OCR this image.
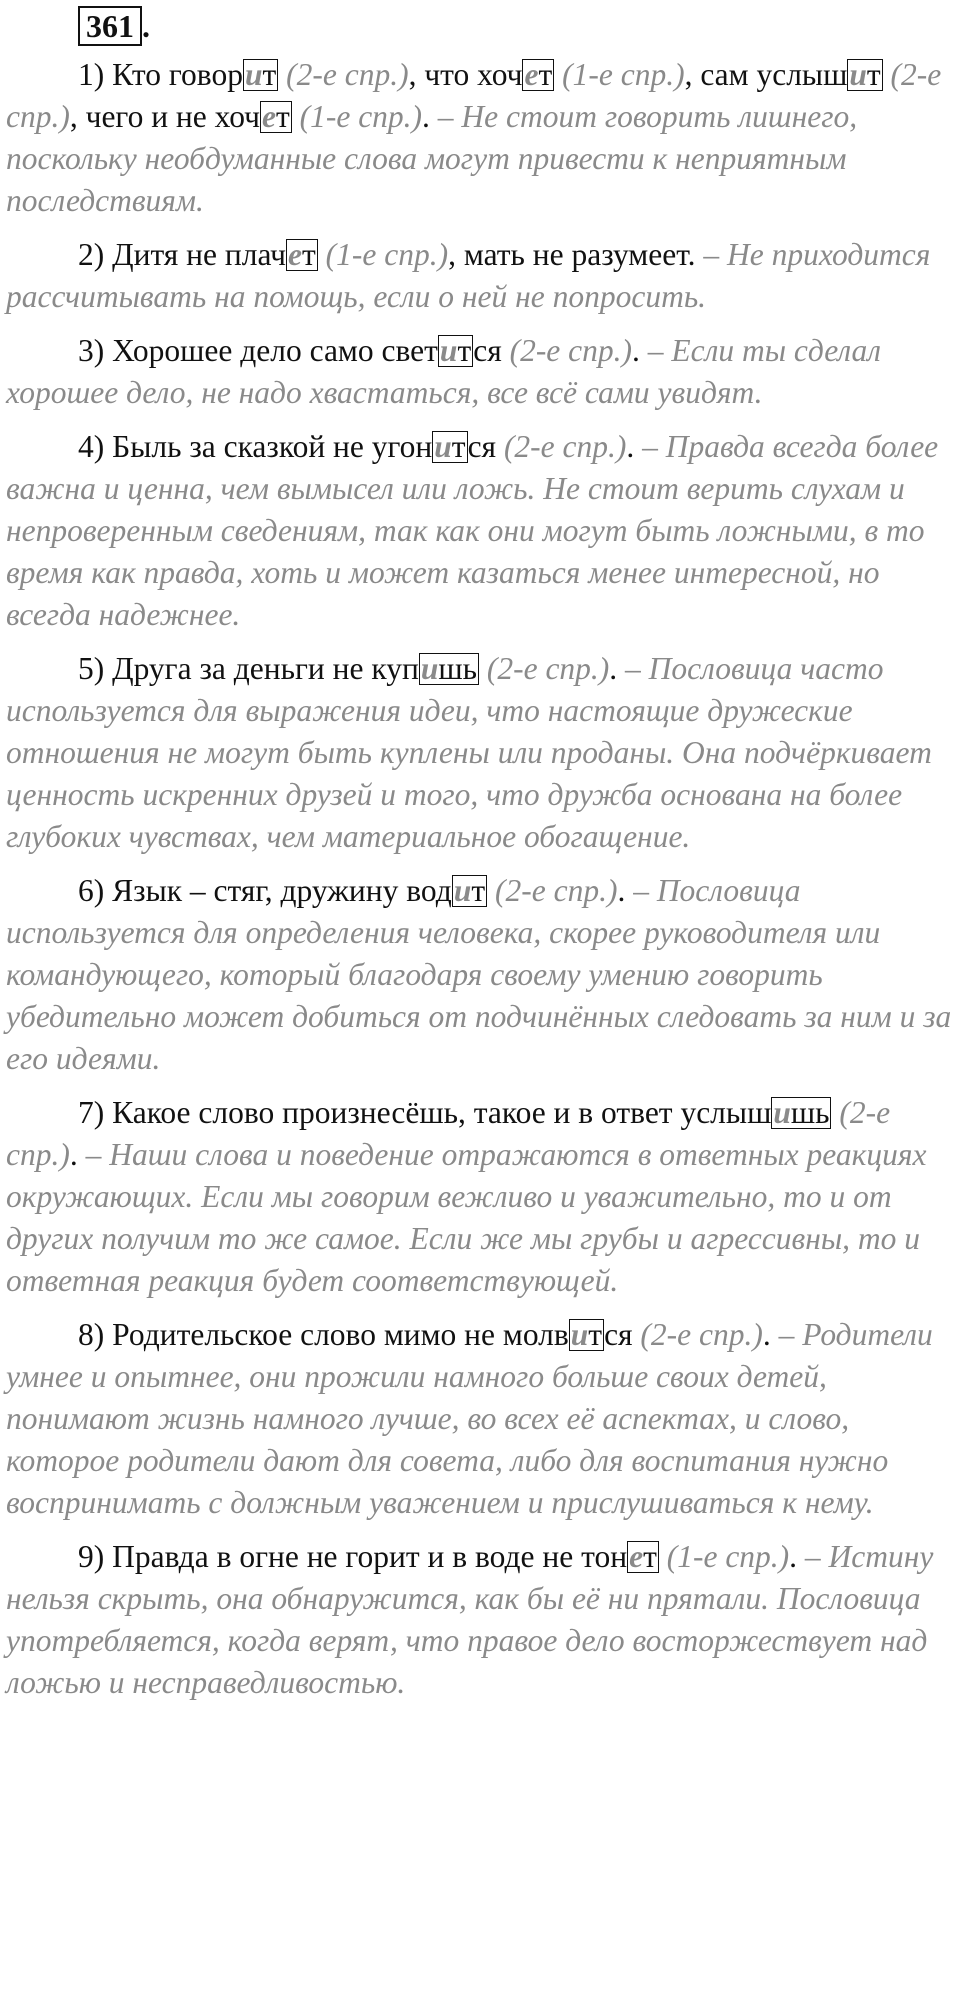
361 .

1) Кто говорит (2-е спр.), что хочет (1-е спр.), сам услышит (2-е спр.), чего и не хочет (1-е спр.). – Не стоит говорить лишнего, поскольку необдуманные слова могут привести к неприятным последствиям.

2) Дитя не плачет (1-е спр.), мать не разумеет. – Не приходится рассчитывать на помощь, если о ней не попросить.

3) Хорошее дело само светится (2-е спр.). – Если ты сделал хорошее дело, не надо хвастаться, все всё сами увидят.

4) Быль за сказкой не угонится (2-е спр.). – Правда всегда более важна и ценна, чем вымысел или ложь. Не стоит верить слухам и непроверенным сведениям, так как они могут быть ложными, в то время как правда, хоть и может казаться менее интересной, но всегда надежнее.

5) Друга за деньги не купишь (2-е спр.). – Пословица часто используется для выражения идеи, что настоящие дружеские отношения не могут быть куплены или проданы. Она подчёркивает ценность искренних друзей и того, что дружба основана на более глубоких чувствах, чем материальное обогащение.

6) Язык – стяг, дружину водит (2-е спр.). – Пословица используется для определения человека, скорее руководителя или командующего, который благодаря своему умению говорить убедительно может добиться от подчинённых следовать за ним и за его идеями.

7) Какое слово произнесёшь, такое и в ответ услышишь (2-е спр.). – Наши слова и поведение отражаются в ответных реакциях окружающих. Если мы говорим вежливо и уважительно, то и от других получим то же самое. Если же мы грубы и агрессивны, то и ответная реакция будет соответствующей.

8) Родительское слово мимо не молвится (2-е спр.). – Родители умнее и опытнее, они прожили намного больше своих детей, понимают жизнь намного лучше, во всех её аспектах, и слово, которое родители дают для совета, либо для воспитания нужно воспринимать с должным уважением и прислушиваться к нему.

9) Правда в огне не горит и в воде не тонет (1-е спр.). – Истину нельзя скрыть, она обнаружится, как бы её ни прятали. Пословица употребляется, когда верят, что правое дело восторжествует над ложью и несправедливостью.
